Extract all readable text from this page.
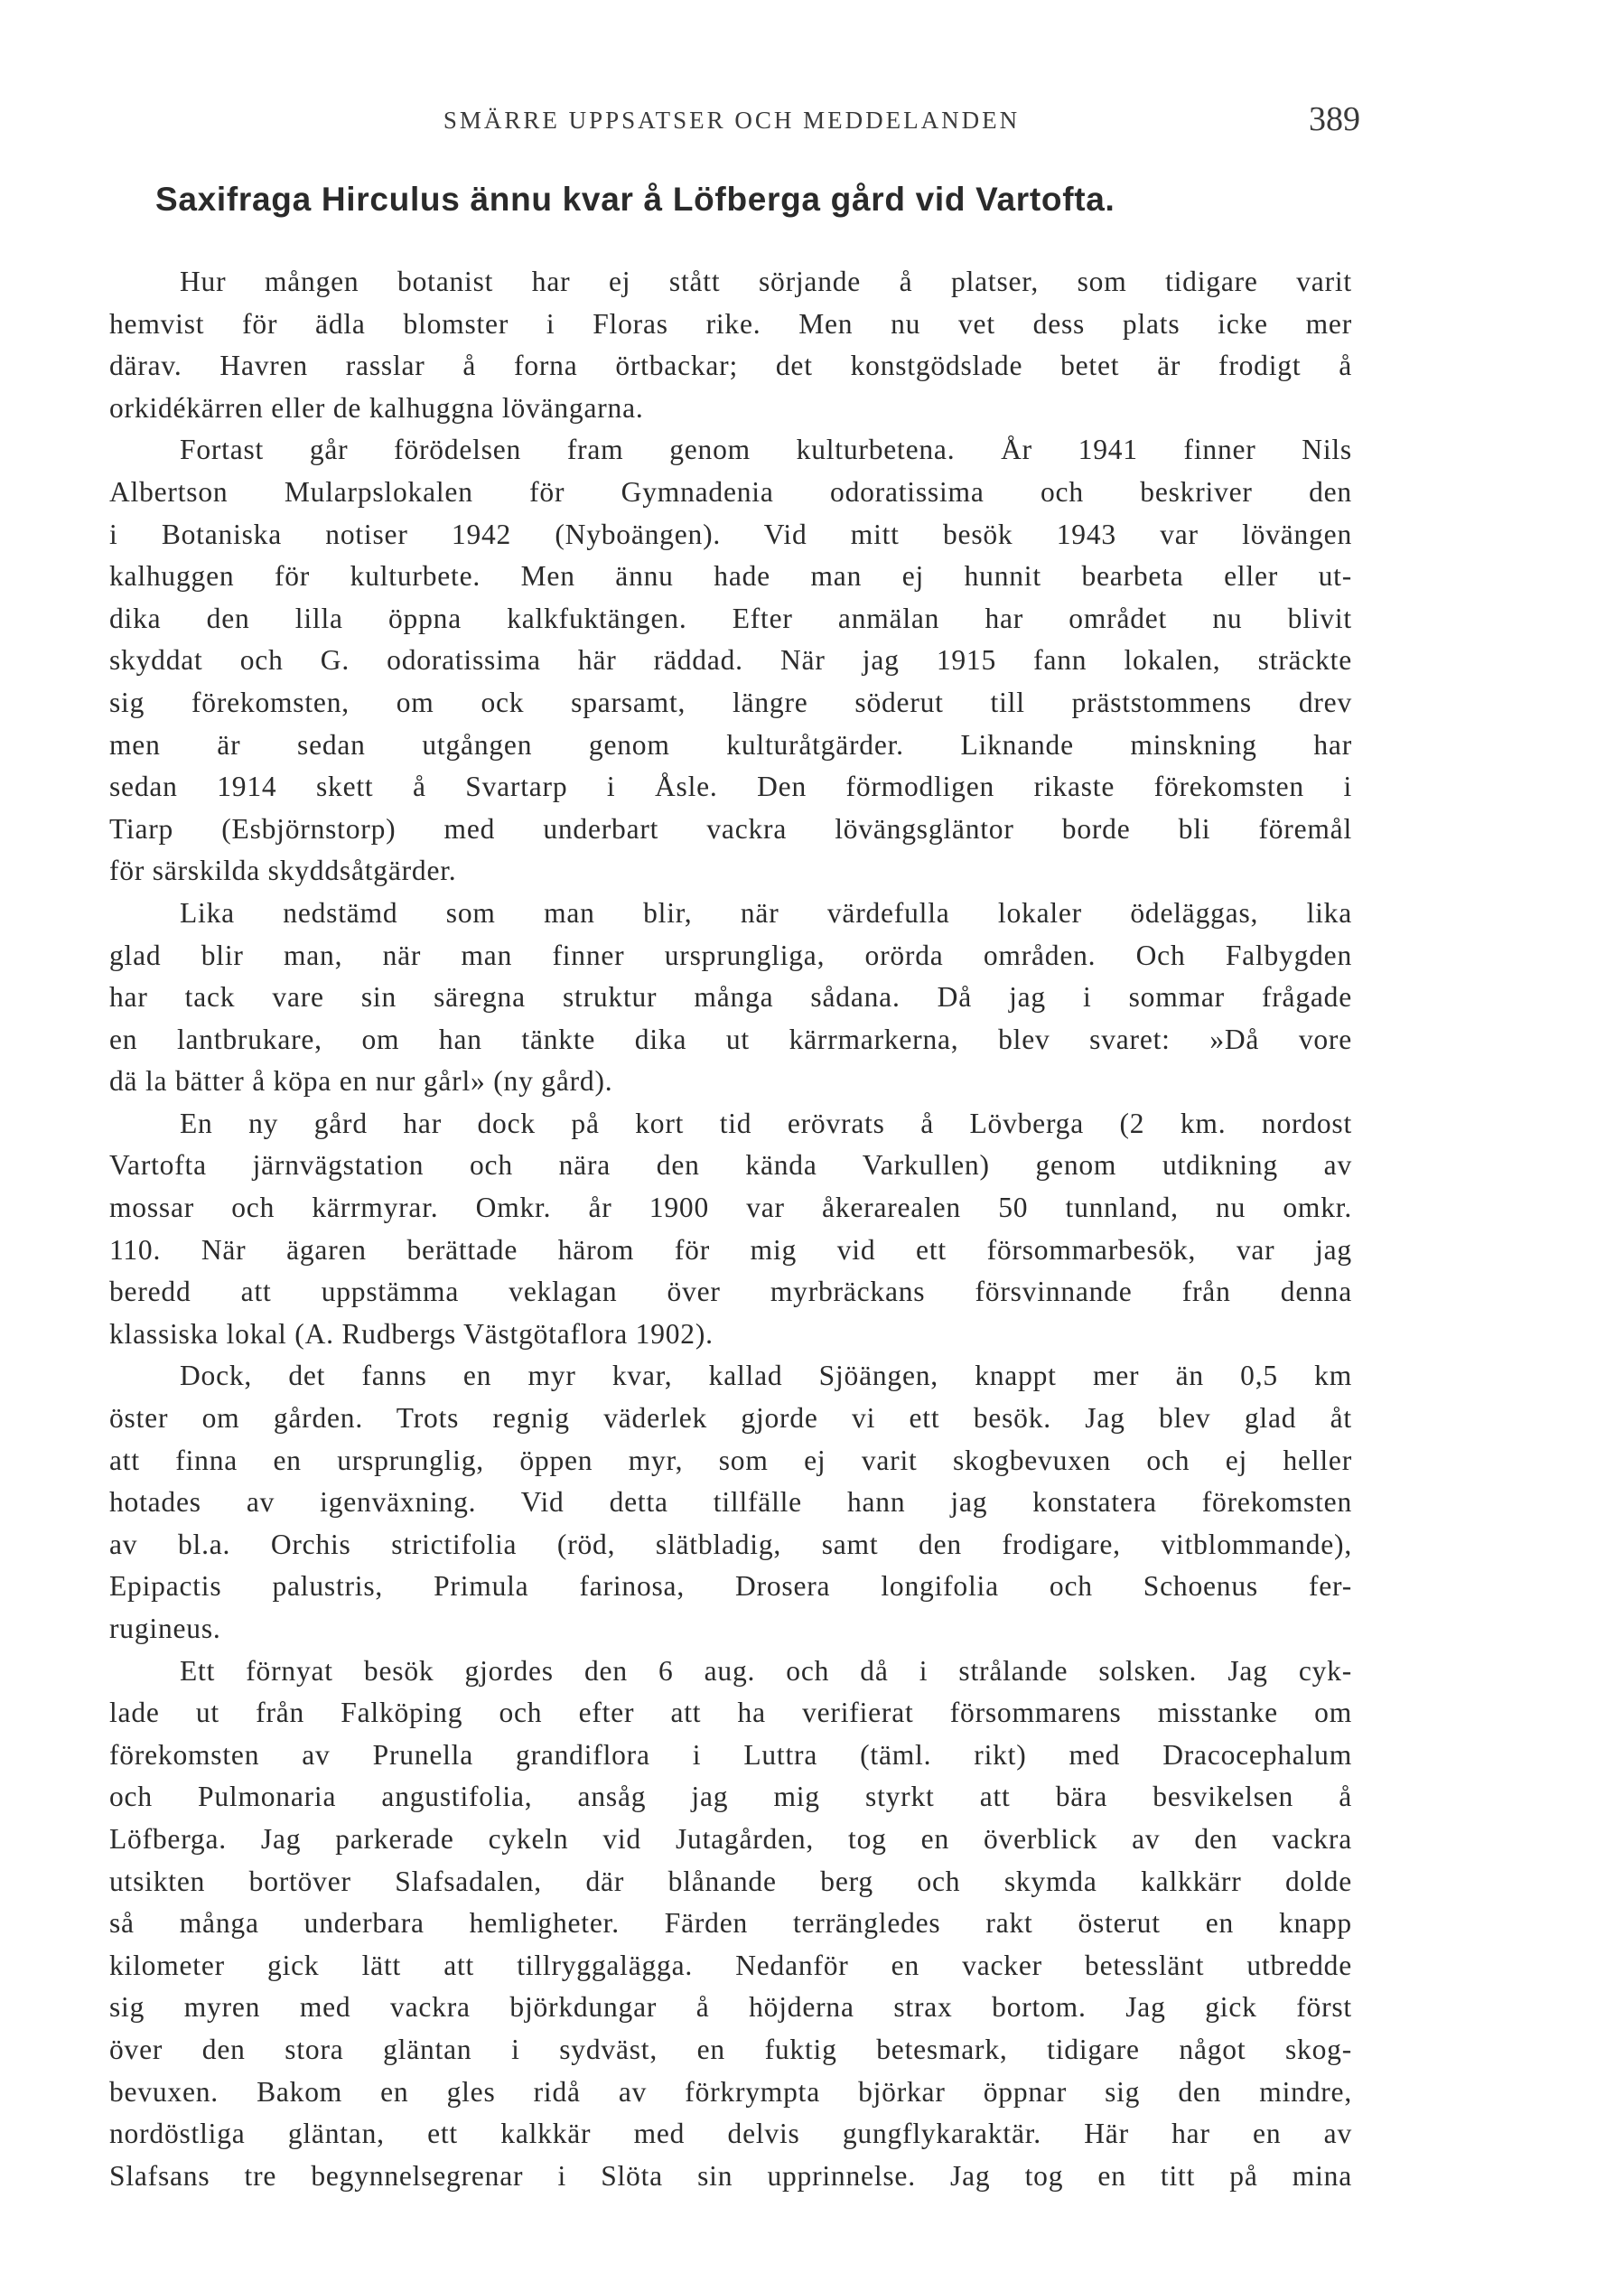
SMÄRRE UPPSATSER OCH MEDDELANDEN	389
Saxifraga Hirculus ännu kvar å Löfberga gård vid Vartofta.
Hur mången botanist har ej stått sörjande å platser, som tidigare varit
hemvist för ädla blomster i Floras rike. Men nu vet dess plats icke mer
därav. Havren rasslar å forna örtbackar; det konstgödslade betet är frodigt å
orkidékärren eller de kalhuggna lövängarna.
Fortast går förödelsen fram genom kulturbetena. År 1941 finner Nils
Albertson Mularpslokalen för Gymnadenia odoratissima och beskriver den
i Botaniska notiser 1942 (Nyboängen). Vid mitt besök 1943 var lövängen
kalhuggen för kulturbete. Men ännu hade man ej hunnit bearbeta eller ut-
dika den lilla öppna kalkfuktängen. Efter anmälan har området nu blivit
skyddat och G. odoratissima här räddad. När jag 1915 fann lokalen, sträckte
sig förekomsten, om ock sparsamt, längre söderut till präststommens drev
men är sedan utgången genom kulturåtgärder. Liknande minskning har
sedan 1914 skett å Svartarp i Åsle. Den förmodligen rikaste förekomsten i
Tiarp (Esbjörnstorp) med underbart vackra lövängsgläntor borde bli föremål
för särskilda skyddsåtgärder.
Lika nedstämd som man blir, när värdefulla lokaler ödeläggas, lika
glad blir man, när man finner ursprungliga, orörda områden. Och Falbygden
har tack vare sin säregna struktur många sådana. Då jag i sommar frågade
en lantbrukare, om han tänkte dika ut kärrmarkerna, blev svaret: »Då vore
dä la bätter å köpa en nur gårl» (ny gård).
En ny gård har dock på kort tid erövrats å Lövberga (2 km. nordost
Vartofta järnvägstation och nära den kända Varkullen) genom utdikning av
mossar och kärrmyrar. Omkr. år 1900 var åkerarealen 50 tunnland, nu omkr.
110. När ägaren berättade härom för mig vid ett försommarbesök, var jag
beredd att uppstämma veklagan över myrbräckans försvinnande från denna
klassiska lokal (A. Rudbergs Västgötaflora 1902).
Dock, det fanns en myr kvar, kallad Sjöängen, knappt mer än 0,5 km
öster om gården. Trots regnig väderlek gjorde vi ett besök. Jag blev glad åt
att finna en ursprunglig, öppen myr, som ej varit skogbevuxen och ej heller
hotades av igenväxning. Vid detta tillfälle hann jag konstatera förekomsten
av bl.a. Orchis strictifolia (röd, slätbladig, samt den frodigare, vitblommande),
Epipactis palustris, Primula farinosa, Drosera longifolia och Schoenus fer-
rugineus.
Ett förnyat besök gjordes den 6 aug. och då i strålande solsken. Jag cyk-
lade ut från Falköping och efter att ha verifierat försommarens misstanke om
förekomsten av Prunella grandiflora i Luttra (täml. rikt) med Dracocephalum
och Pulmonaria angustifolia, ansåg jag mig styrkt att bära besvikelsen å
Löfberga. Jag parkerade cykeln vid Jutagården, tog en överblick av den vackra
utsikten bortöver Slafsadalen, där blånande berg och skymda kalkkärr dolde
så många underbara hemligheter. Färden terrängledes rakt österut en knapp
kilometer gick lätt att tillryggalägga. Nedanför en vacker betesslänt utbredde
sig myren med vackra björkdungar å höjderna strax bortom. Jag gick först
över den stora gläntan i sydväst, en fuktig betesmark, tidigare något skog-
bevuxen. Bakom en gles ridå av förkrympta björkar öppnar sig den mindre,
nordöstliga gläntan, ett kalkkär med delvis gungflykaraktär. Här har en av
Slafsans tre begynnelsegrenar i Slöta sin upprinnelse. Jag tog en titt på mina
